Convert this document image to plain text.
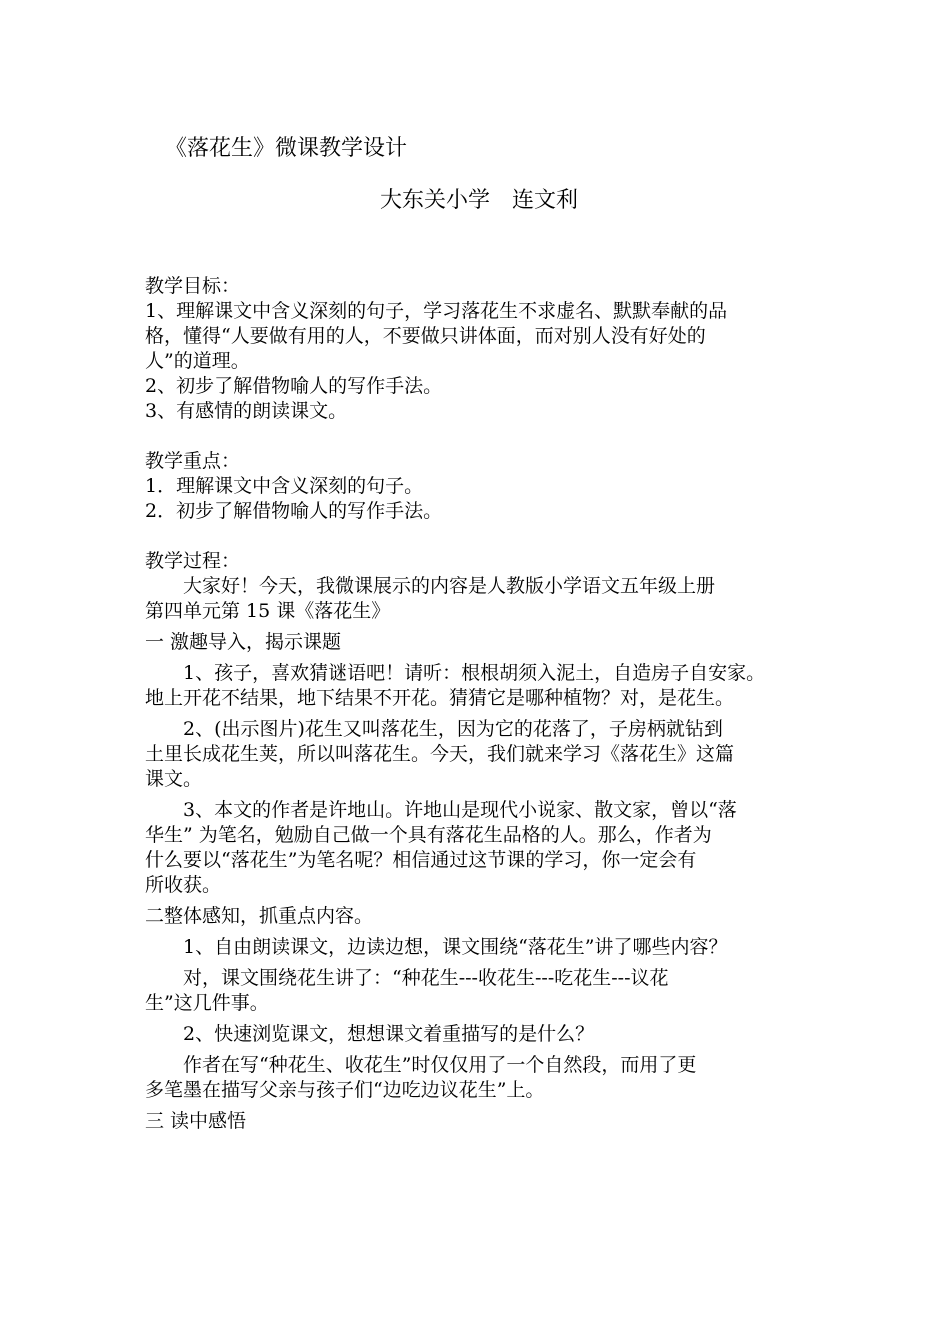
《落花生》微课教学设计
大东关小学　连文利
教学目标：
1、理解课文中含义深刻的句子，学习落花生不求虚名、默默奉献的品
格，懂得“人要做有用的人，不要做只讲体面，而对别人没有好处的
人”的道理。
2、初步了解借物喻人的写作手法。
3、有感情的朗读课文。
教学重点：
1．理解课文中含义深刻的句子。
2．初步了解借物喻人的写作手法。
教学过程：
大家好！今天，我微课展示的内容是人教版小学语文五年级上册
第四单元第 15 课《落花生》
一 激趣导入，揭示课题
1、孩子，喜欢猜谜语吧！请听：根根胡须入泥土，自造房子自安家。
地上开花不结果，地下结果不开花。猜猜它是哪种植物？对，是花生。
2、(出示图片)花生又叫落花生，因为它的花落了，子房柄就钻到
土里长成花生荚，所以叫落花生。今天，我们就来学习《落花生》这篇
课文。
3、本文的作者是许地山。许地山是现代小说家、散文家，曾以“落
华生” 为笔名，勉励自己做一个具有落花生品格的人。那么，作者为
什么要以“落花生”为笔名呢？相信通过这节课的学习，你一定会有
所收获。
二整体感知，抓重点内容。
1、自由朗读课文，边读边想，课文围绕“落花生”讲了哪些内容？
对，课文围绕花生讲了：“种花生---收花生---吃花生---议花
生”这几件事。
2、快速浏览课文，想想课文着重描写的是什么？
作者在写“种花生、收花生”时仅仅用了一个自然段，而用了更
多笔墨在描写父亲与孩子们“边吃边议花生”上。
三 读中感悟
